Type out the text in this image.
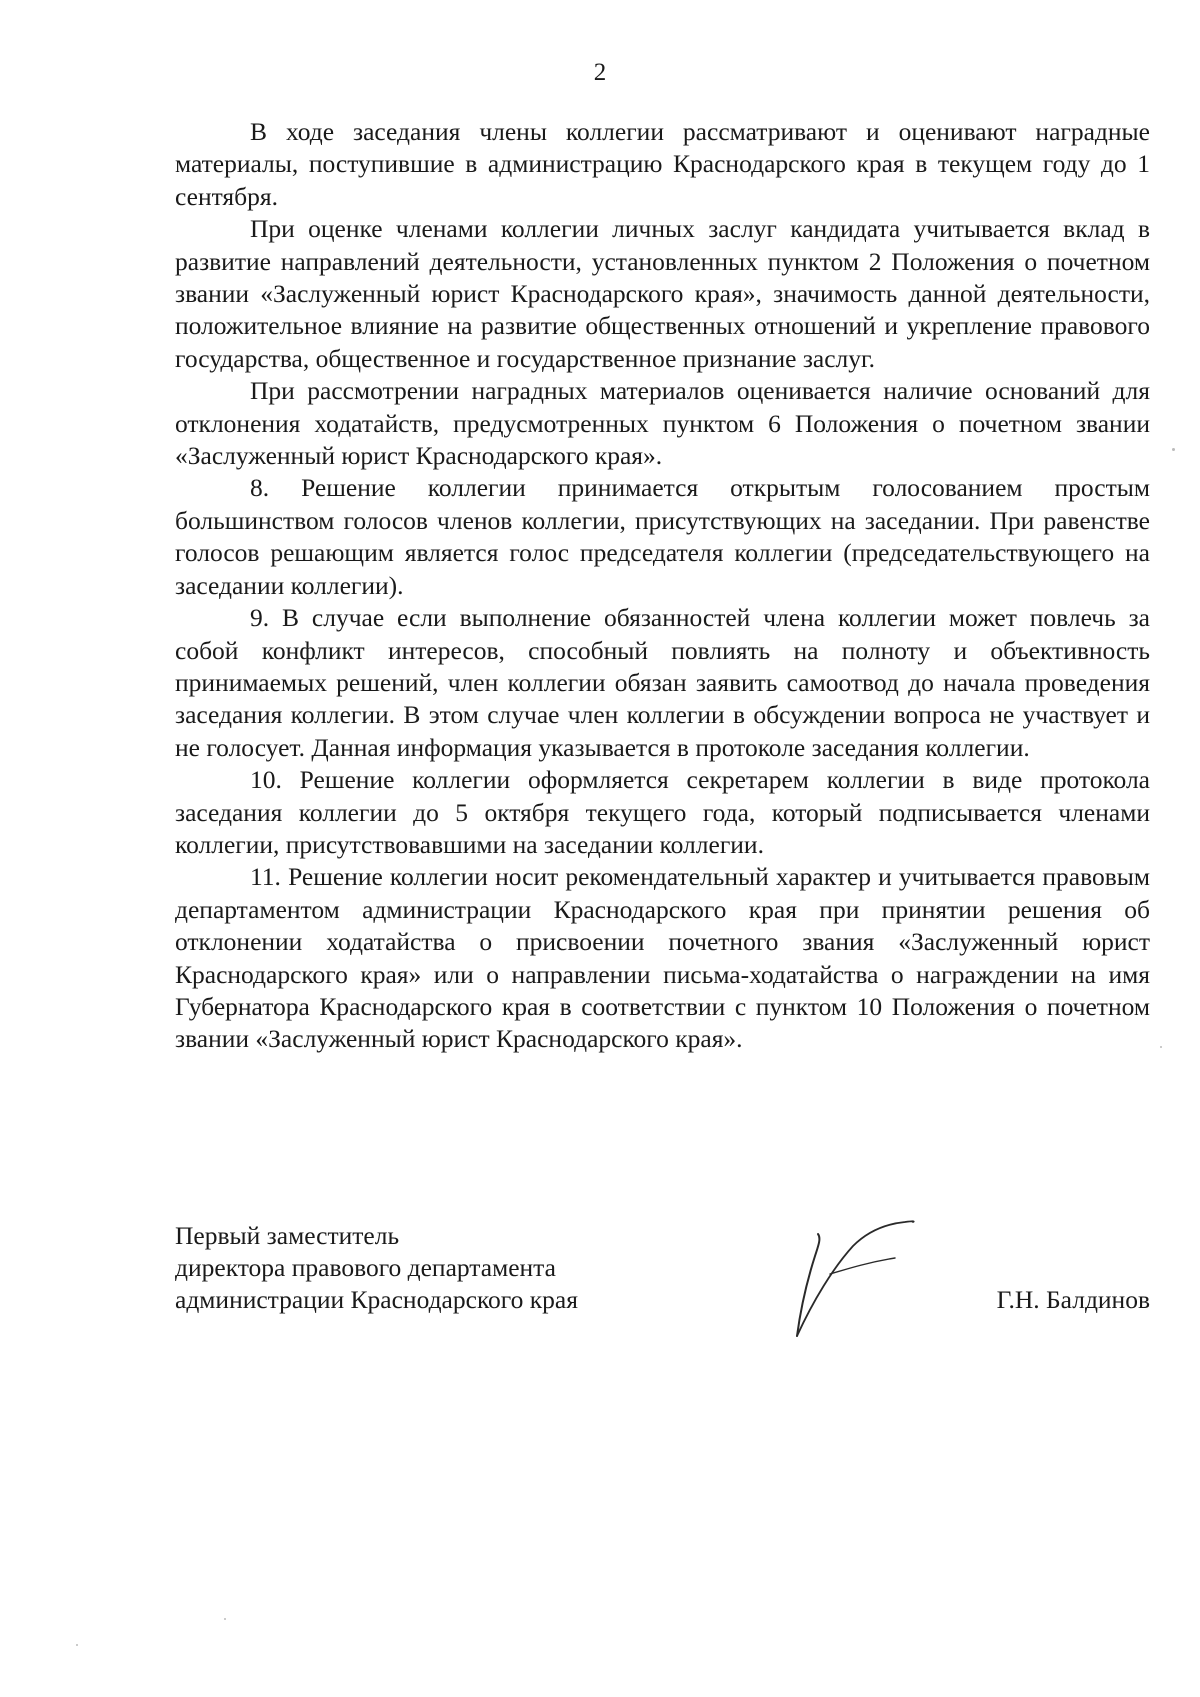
2

В ходе заседания члены коллегии рассматривают и оценивают наградные материалы, поступившие в администрацию Краснодарского края в текущем году до 1 сентября.

При оценке членами коллегии личных заслуг кандидата учитывается вклад в развитие направлений деятельности, установленных пунктом 2 Положения о почетном звании «Заслуженный юрист Краснодарского края», значимость данной деятельности, положительное влияние на развитие общественных отношений и укрепление правового государства, общественное и государственное признание заслуг.

При рассмотрении наградных материалов оценивается наличие оснований для отклонения ходатайств, предусмотренных пунктом 6 Положения о почетном звании «Заслуженный юрист Краснодарского края».

8. Решение коллегии принимается открытым голосованием простым большинством голосов членов коллегии, присутствующих на заседании. При равенстве голосов решающим является голос председателя коллегии (председательствующего на заседании коллегии).

9. В случае если выполнение обязанностей члена коллегии может повлечь за собой конфликт интересов, способный повлиять на полноту и объективность принимаемых решений, член коллегии обязан заявить самоотвод до начала проведения заседания коллегии. В этом случае член коллегии в обсуждении вопроса не участвует и не голосует. Данная информация указывается в протоколе заседания коллегии.

10. Решение коллегии оформляется секретарем коллегии в виде протокола заседания коллегии до 5 октября текущего года, который подписывается членами коллегии, присутствовавшими на заседании коллегии.

11. Решение коллегии носит рекомендательный характер и учитывается правовым департаментом администрации Краснодарского края при принятии решения об отклонении ходатайства о присвоении почетного звания «Заслуженный юрист Краснодарского края» или о направлении письма-ходатайства о награждении на имя Губернатора Краснодарского края в соответствии с пунктом 10 Положения о почетном звании «Заслуженный юрист Краснодарского края».

Первый заместитель
директора правового департамента
администрации Краснодарского края	Г.Н. Балдинов
